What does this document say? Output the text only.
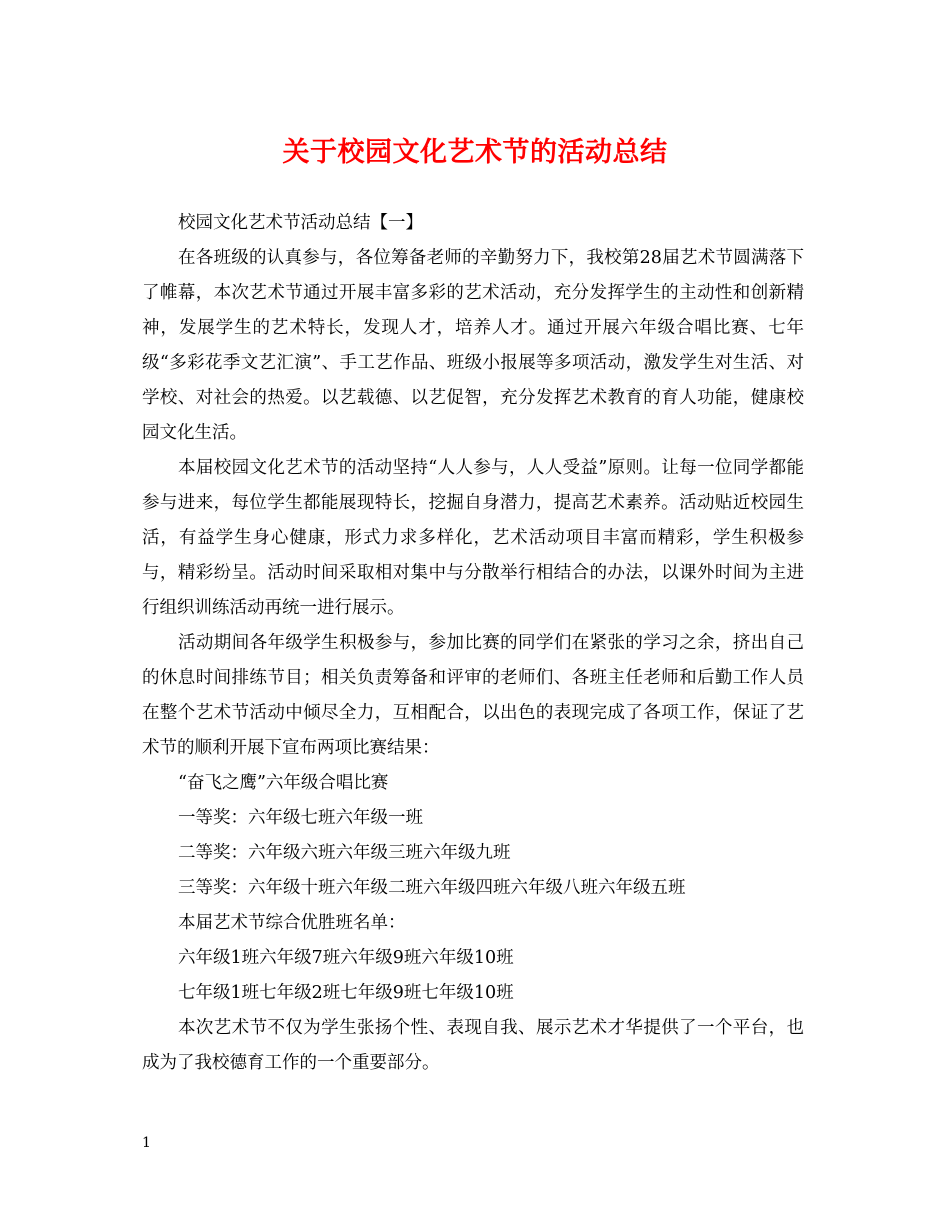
关于校园文化艺术节的活动总结

校园文化艺术节活动总结【一】

在各班级的认真参与，各位筹备老师的辛勤努力下，我校第28届艺术节圆满落下了帷幕，本次艺术节通过开展丰富多彩的艺术活动，充分发挥学生的主动性和创新精神，发展学生的艺术特长，发现人才，培养人才。通过开展六年级合唱比赛、七年级“多彩花季文艺汇演”、手工艺作品、班级小报展等多项活动，激发学生对生活、对学校、对社会的热爱。以艺载德、以艺促智，充分发挥艺术教育的育人功能，健康校园文化生活。

本届校园文化艺术节的活动坚持“人人参与，人人受益”原则。让每一位同学都能参与进来，每位学生都能展现特长，挖掘自身潜力，提高艺术素养。活动贴近校园生活，有益学生身心健康，形式力求多样化，艺术活动项目丰富而精彩，学生积极参与，精彩纷呈。活动时间采取相对集中与分散举行相结合的办法，以课外时间为主进行组织训练活动再统一进行展示。

活动期间各年级学生积极参与，参加比赛的同学们在紧张的学习之余，挤出自己的休息时间排练节目；相关负责筹备和评审的老师们、各班主任老师和后勤工作人员在整个艺术节活动中倾尽全力，互相配合，以出色的表现完成了各项工作，保证了艺术节的顺利开展下宣布两项比赛结果：

“奋飞之鹰”六年级合唱比赛

一等奖：六年级七班六年级一班

二等奖：六年级六班六年级三班六年级九班

三等奖：六年级十班六年级二班六年级四班六年级八班六年级五班

本届艺术节综合优胜班名单：

六年级1班六年级7班六年级9班六年级10班

七年级1班七年级2班七年级9班七年级10班

本次艺术节不仅为学生张扬个性、表现自我、展示艺术才华提供了一个平台，也成为了我校德育工作的一个重要部分。

1
